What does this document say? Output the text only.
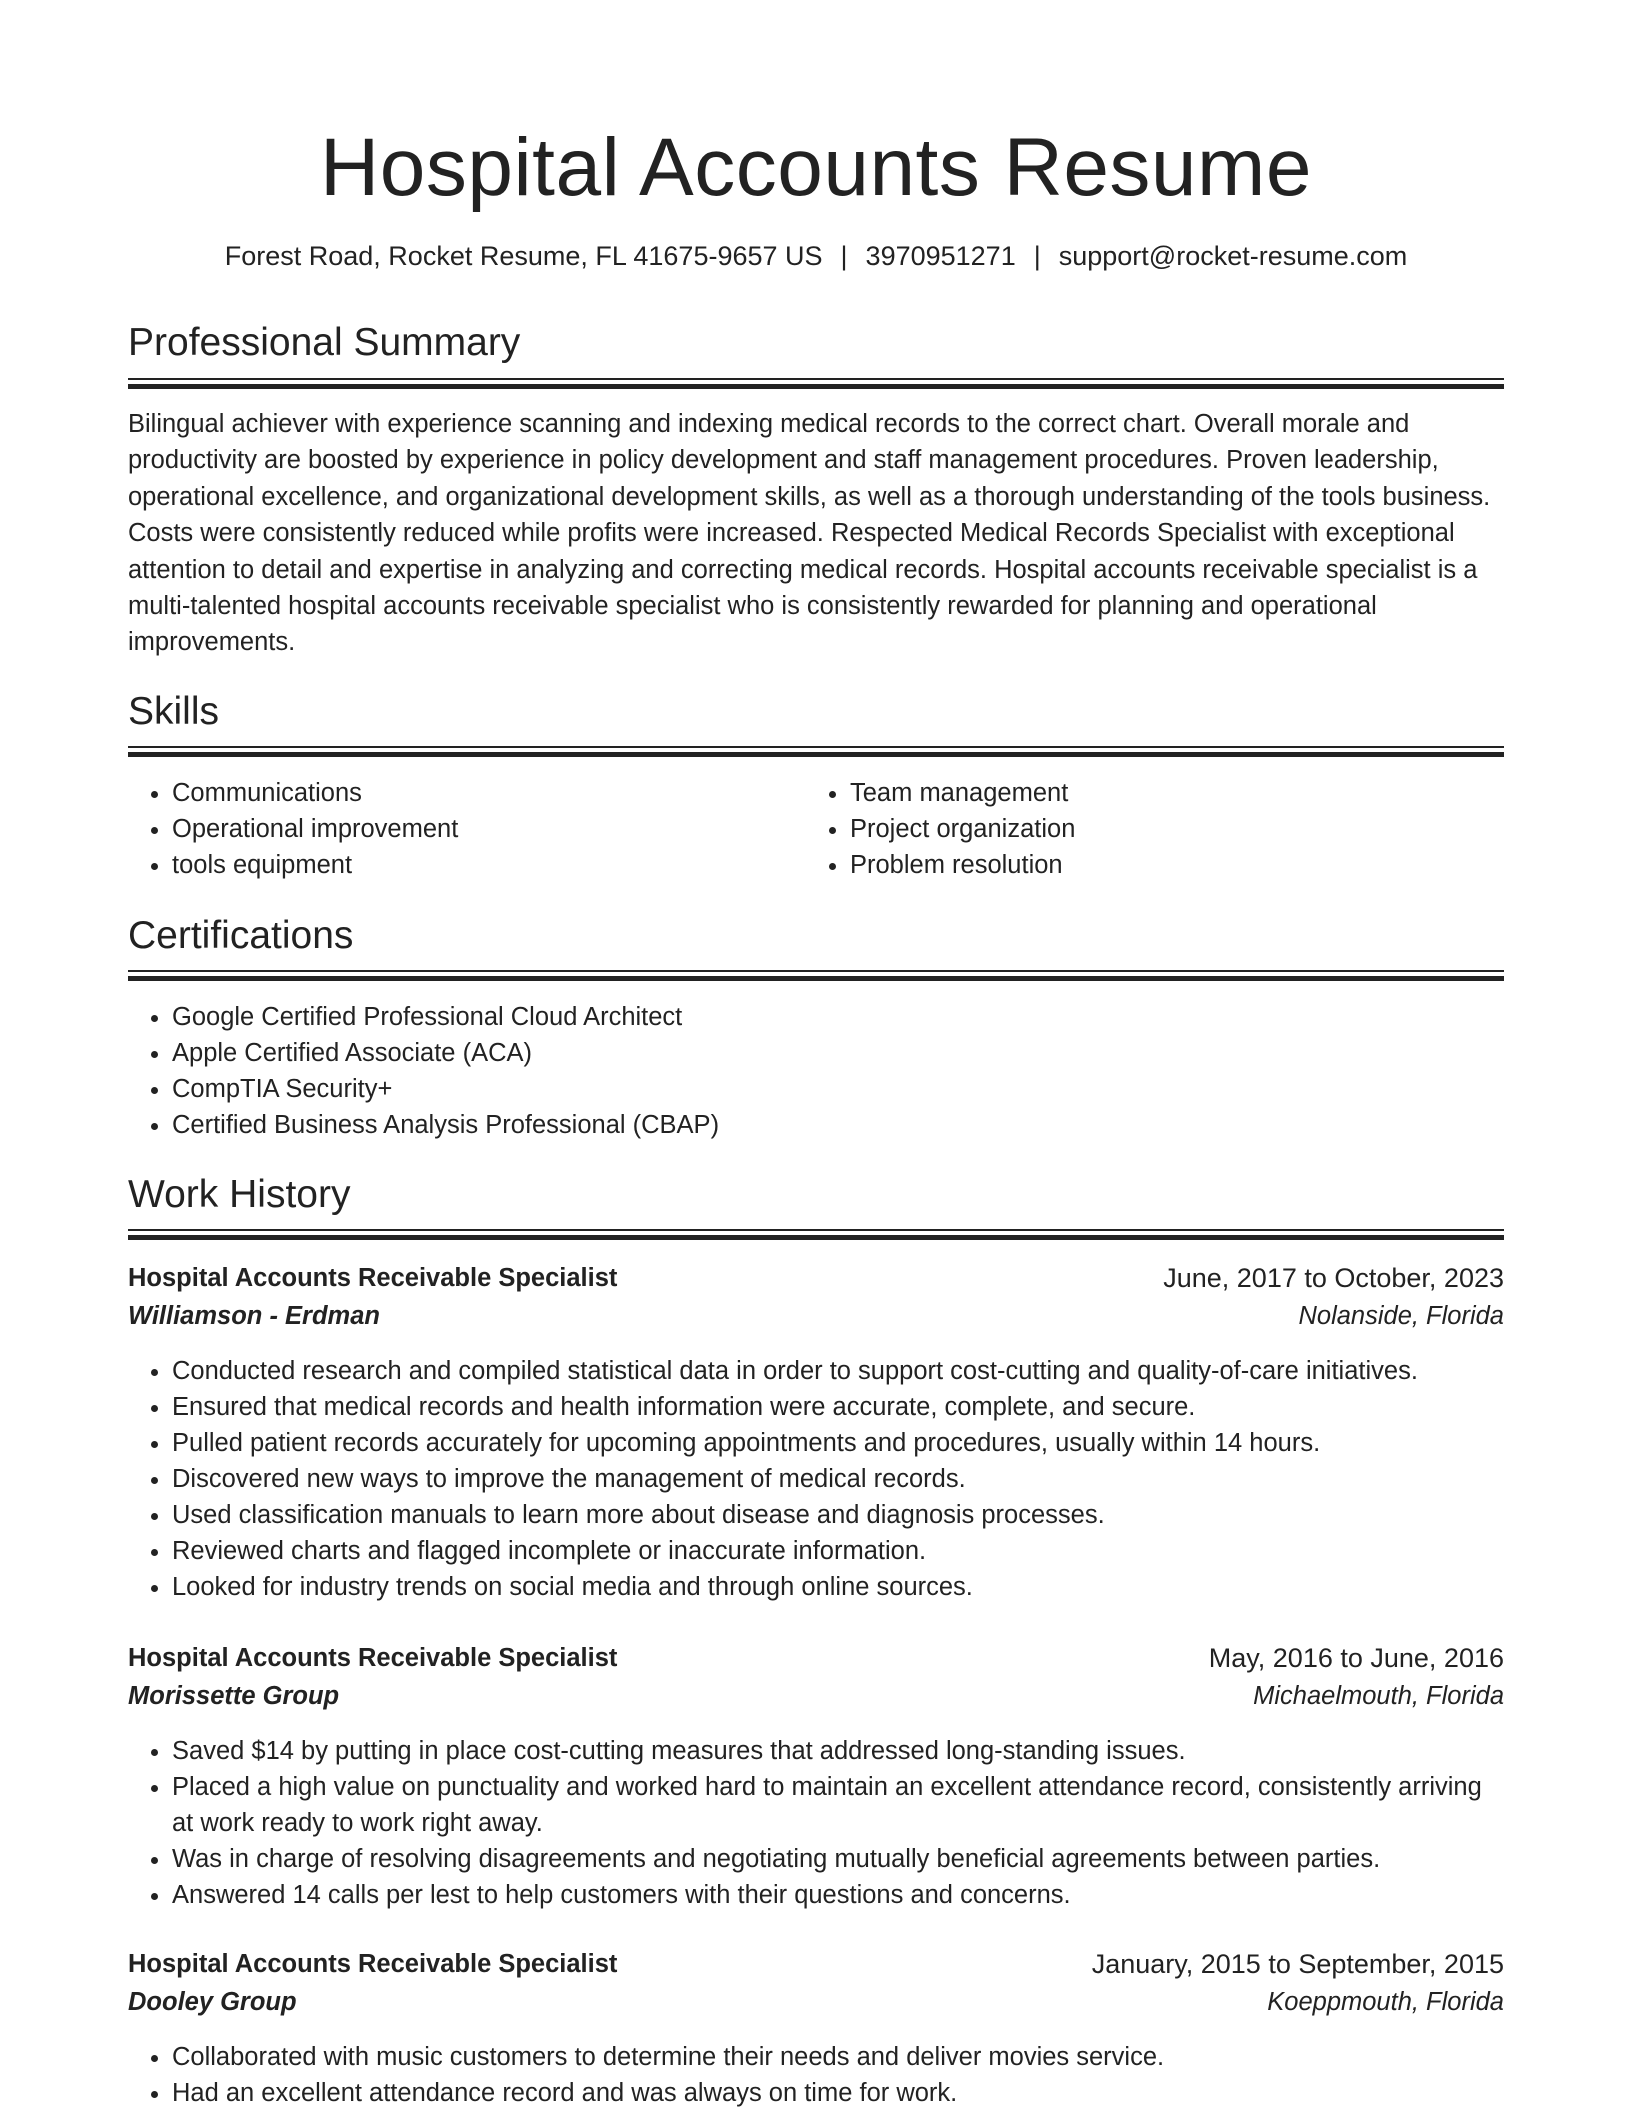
Hospital Accounts Resume
Forest Road, Rocket Resume, FL 41675-9657 US | 3970951271 | support@rocket-resume.com
Professional Summary
Bilingual achiever with experience scanning and indexing medical records to the correct chart. Overall morale and productivity are boosted by experience in policy development and staff management procedures. Proven leadership, operational excellence, and organizational development skills, as well as a thorough understanding of the tools business. Costs were consistently reduced while profits were increased. Respected Medical Records Specialist with exceptional attention to detail and expertise in analyzing and correcting medical records. Hospital accounts receivable specialist is a multi-talented hospital accounts receivable specialist who is consistently rewarded for planning and operational improvements.
Skills
• Communications
• Operational improvement
• tools equipment
• Team management
• Project organization
• Problem resolution
Certifications
• Google Certified Professional Cloud Architect
• Apple Certified Associate (ACA)
• CompTIA Security+
• Certified Business Analysis Professional (CBAP)
Work History
Hospital Accounts Receivable Specialist	June, 2017 to October, 2023
Williamson - Erdman	Nolanside, Florida
• Conducted research and compiled statistical data in order to support cost-cutting and quality-of-care initiatives.
• Ensured that medical records and health information were accurate, complete, and secure.
• Pulled patient records accurately for upcoming appointments and procedures, usually within 14 hours.
• Discovered new ways to improve the management of medical records.
• Used classification manuals to learn more about disease and diagnosis processes.
• Reviewed charts and flagged incomplete or inaccurate information.
• Looked for industry trends on social media and through online sources.
Hospital Accounts Receivable Specialist	May, 2016 to June, 2016
Morissette Group	Michaelmouth, Florida
• Saved $14 by putting in place cost-cutting measures that addressed long-standing issues.
• Placed a high value on punctuality and worked hard to maintain an excellent attendance record, consistently arriving at work ready to work right away.
• Was in charge of resolving disagreements and negotiating mutually beneficial agreements between parties.
• Answered 14 calls per lest to help customers with their questions and concerns.
Hospital Accounts Receivable Specialist	January, 2015 to September, 2015
Dooley Group	Koeppmouth, Florida
• Collaborated with music customers to determine their needs and deliver movies service.
• Had an excellent attendance record and was always on time for work.
